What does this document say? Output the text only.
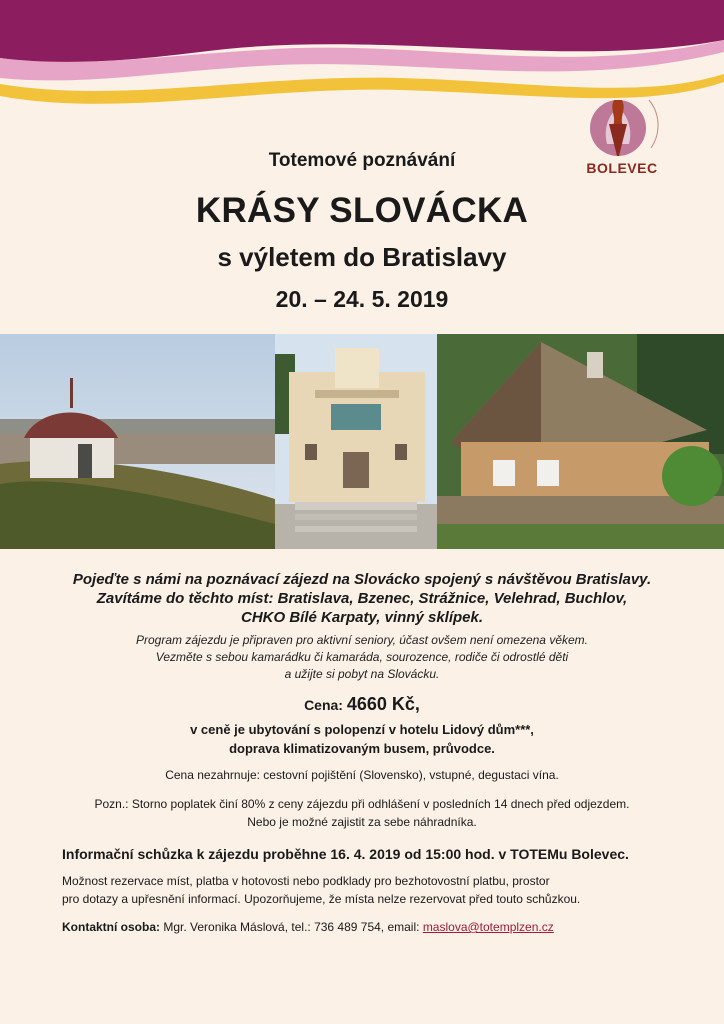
BOLEVEC
Totemové poznávání
KRÁSY SLOVÁCKA
s výletem do Bratislavy
20. – 24. 5. 2019
Pojeďte s námi na poznávací zájezd na Slovácko spojený s návštěvou Bratislavy.
Zavítáme do těchto míst: Bratislava, Bzenec, Strážnice, Velehrad, Buchlov,
CHKO Bílé Karpaty, vinný sklípek.
Program zájezdu je připraven pro aktivní seniory, účast ovšem není omezena věkem.
Vezměte s sebou kamarádku či kamaráda, sourozence, rodiče či odrostlé děti
a užijte si pobyt na Slovácku.
Cena: 4660 Kč,
v ceně je ubytování s polopenzí v hotelu Lidový dům***,
doprava klimatizovaným busem, průvodce.
Cena nezahrnuje: cestovní pojištění (Slovensko), vstupné, degustaci vína.
Pozn.: Storno poplatek činí 80% z ceny zájezdu při odhlášení v posledních 14 dnech před odjezdem.
Nebo je možné zajistit za sebe náhradníka.
Informační schůzka k zájezdu proběhne 16. 4. 2019 od 15:00 hod. v TOTEMu Bolevec.
Možnost rezervace míst, platba v hotovosti nebo podklady pro bezhotovostní platbu, prostor
pro dotazy a upřesnění informací. Upozorňujeme, že místa nelze rezervovat před touto schůzkou.
Kontaktní osoba: Mgr. Veronika Máslová, tel.: 736 489 754, email: maslova@totemplzen.cz
